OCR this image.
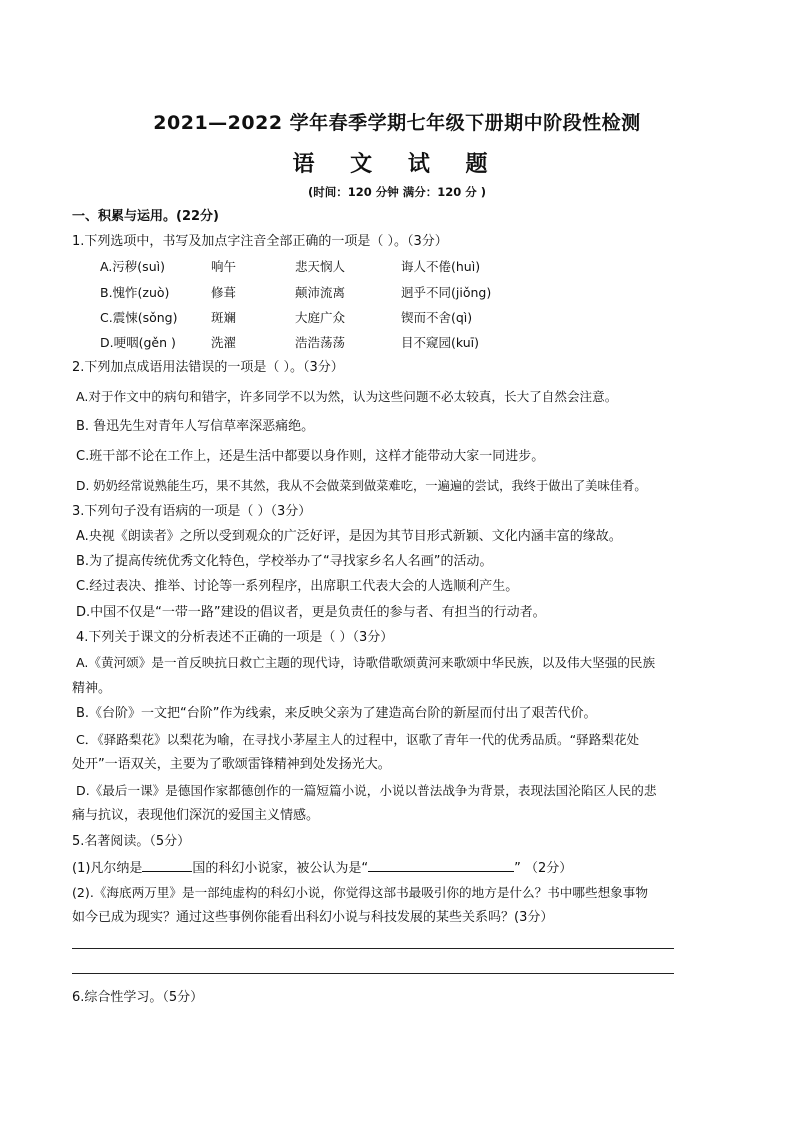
2021—2022 学年春季学期七年级下册期中阶段性检测
语 文 试 题
(时间：120 分钟 满分：120 分 )
一、积累与运用。(22分)
1.下列选项中，书写及加点字注音全部正确的一项是（ ）。（3分）
A.污秽(suì)	响午	悲天悯人	诲人不倦(huì)
B.愧怍(zuò)	修葺	颠沛流离	迥乎不同(jiǒng)
C.震悚(sǒng)	斑斓	大庭广众	锲而不舍(qì)
D.哽咽(gěn )	洗濯	浩浩荡荡	目不窥园(kuī)
2.下列加点成语用法错误的一项是（ ）。（3分）
A.对于作文中的病句和错字，许多同学不以为然，认为这些问题不必太较真，长大了自然会注意。
B. 鲁迅先生对青年人写信草率深恶痛绝。
C.班干部不论在工作上，还是生活中都要以身作则，这样才能带动大家一同进步。
D. 奶奶经常说熟能生巧，果不其然，我从不会做菜到做菜难吃，一遍遍的尝试，我终于做出了美味佳肴。
3.下列句子没有语病的一项是（ ）（3分）
A.央视《朗读者》之所以受到观众的广泛好评，是因为其节目形式新颖、文化内涵丰富的缘故。
B.为了提高传统优秀文化特色，学校举办了“寻找家乡名人名画”的活动。
C.经过表决、推举、讨论等一系列程序，出席职工代表大会的人选顺利产生。
D.中国不仅是“一带一路”建设的倡议者，更是负责任的参与者、有担当的行动者。
4.下列关于课文的分析表述不正确的一项是（ ）（3分）
A.《黄河颂》是一首反映抗日救亡主题的现代诗，诗歌借歌颂黄河来歌颂中华民族，以及伟大坚强的民族
精神。
B.《台阶》一文把“台阶”作为线索，来反映父亲为了建造高台阶的新屋而付出了艰苦代价。
C．《驿路梨花》以梨花为喻，在寻找小茅屋主人的过程中，讴歌了青年一代的优秀品质。“驿路梨花处
处开”一语双关，主要为了歌颂雷锋精神到处发扬光大。
D.《最后一课》是德国作家都德创作的一篇短篇小说，小说以普法战争为背景，表现法国沦陷区人民的悲
痛与抗议，表现他们深沉的爱国主义情感。
5.名著阅读。（5分）
(1)凡尔纳是	国的科幻小说家，被公认为是“	” （2分）
(2).《海底两万里》是一部纯虚构的科幻小说，你觉得这部书最吸引你的地方是什么？书中哪些想象事物
如今已成为现实？通过这些事例你能看出科幻小说与科技发展的某些关系吗？(3分）
6.综合性学习。（5分）
